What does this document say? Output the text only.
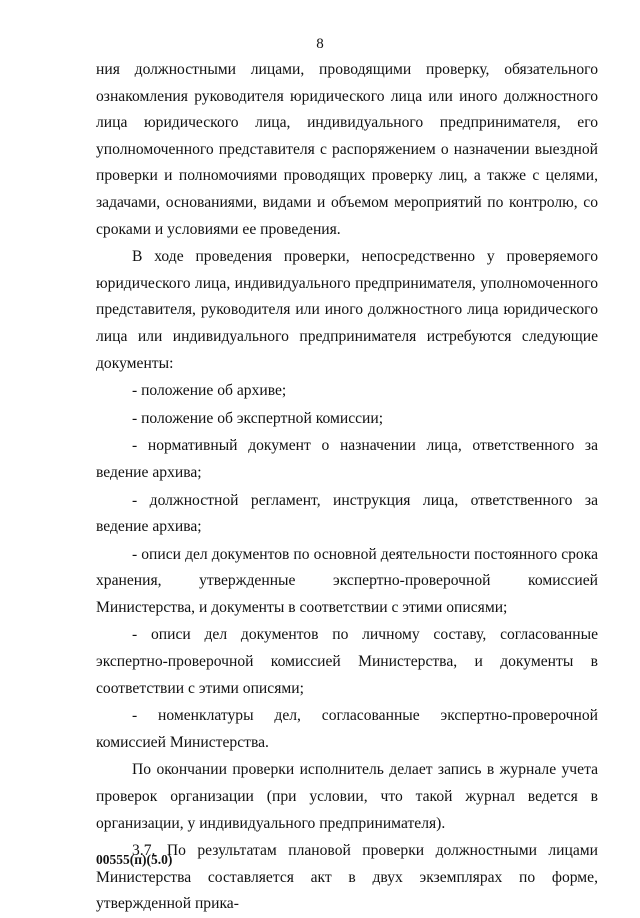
8

ния должностными лицами, проводящими проверку, обязательного ознакомления руководителя юридического лица или иного должностного лица юридического лица, индивидуального предпринимателя, его уполномоченного представителя с распоряжением о назначении выездной проверки и полномочиями проводящих проверку лиц, а также с целями, задачами, основаниями, видами и объемом мероприятий по контролю, со сроками и условиями ее проведения.

В ходе проведения проверки, непосредственно у проверяемого юридического лица, индивидуального предпринимателя, уполномоченного представителя, руководителя или иного должностного лица юридического лица или индивидуального предпринимателя истребуются следующие документы:

- положение об архиве;

- положение об экспертной комиссии;

- нормативный документ о назначении лица, ответственного за ведение архива;

- должностной регламент, инструкция лица, ответственного за ведение архива;

- описи дел документов по основной деятельности постоянного срока хранения, утвержденные экспертно-проверочной комиссией Министерства, и документы в соответствии с этими описями;

- описи дел документов по личному составу, согласованные экспертно-проверочной комиссией Министерства, и документы в соответствии с этими описями;

- номенклатуры дел, согласованные экспертно-проверочной комиссией Министерства.

По окончании проверки исполнитель делает запись в журнале учета проверок организации (при условии, что такой журнал ведется в организации, у индивидуального предпринимателя).

3.7. По результатам плановой проверки должностными лицами Министерства составляется акт в двух экземплярах по форме, утвержденной прика-

00555(п)(5.0)
